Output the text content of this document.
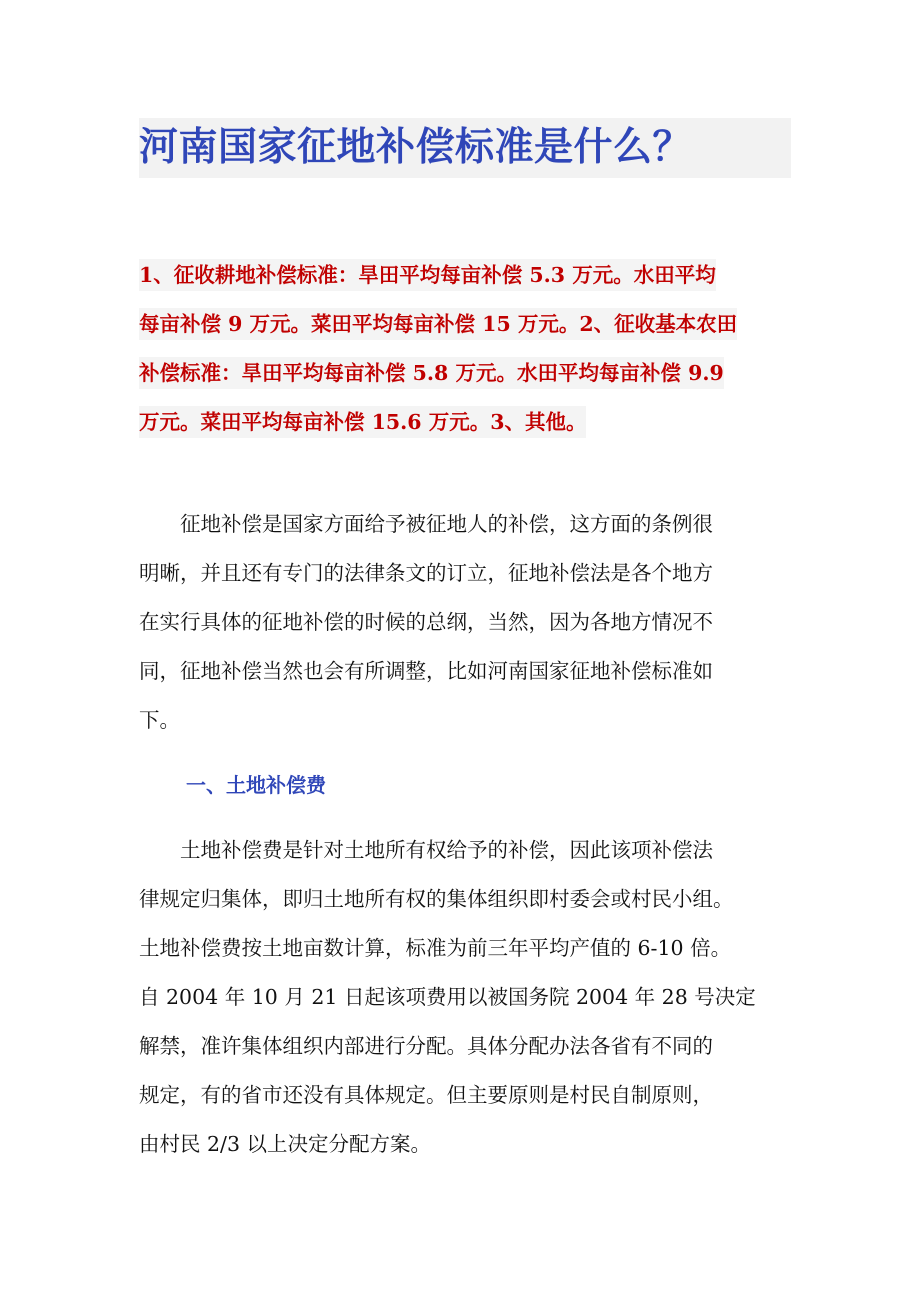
河南国家征地补偿标准是什么？
1、征收耕地补偿标准：旱田平均每亩补偿 5.3 万元。水田平均
每亩补偿 9 万元。菜田平均每亩补偿 15 万元。2、征收基本农田
补偿标准：旱田平均每亩补偿 5.8 万元。水田平均每亩补偿 9.9
万元。菜田平均每亩补偿 15.6 万元。3、其他。
　　征地补偿是国家方面给予被征地人的补偿，这方面的条例很
明晰，并且还有专门的法律条文的订立，征地补偿法是各个地方
在实行具体的征地补偿的时候的总纲，当然，因为各地方情况不
同，征地补偿当然也会有所调整，比如河南国家征地补偿标准如
下。
一、土地补偿费
　　土地补偿费是针对土地所有权给予的补偿，因此该项补偿法
律规定归集体，即归土地所有权的集体组织即村委会或村民小组。
土地补偿费按土地亩数计算，标准为前三年平均产值的 6-10 倍。
自 2004 年 10 月 21 日起该项费用以被国务院 2004 年 28 号决定
解禁，准许集体组织内部进行分配。具体分配办法各省有不同的
规定，有的省市还没有具体规定。但主要原则是村民自制原则，
由村民 2/3 以上决定分配方案。
